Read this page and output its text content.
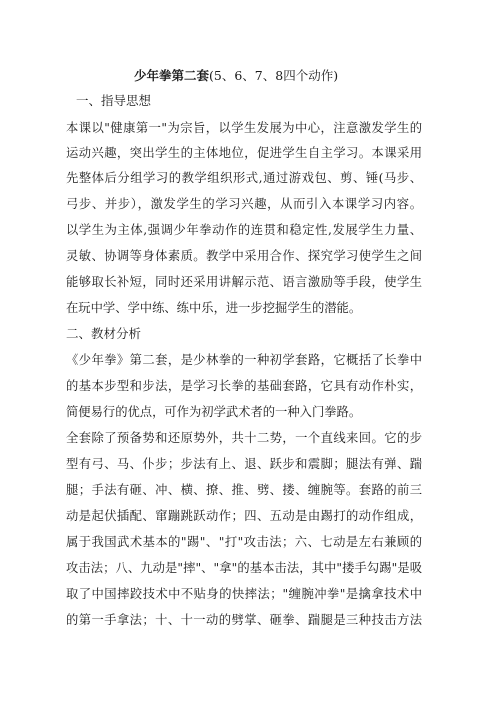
少年拳第二套(5、6、7、8四个动作)
一、指导思想
本课以"健康第一"为宗旨，以学生发展为中心，注意激发学生的
运动兴趣，突出学生的主体地位，促进学生自主学习。本课采用
先整体后分组学习的教学组织形式,通过游戏包、剪、锤(马步、
弓步、并步），激发学生的学习兴趣，从而引入本课学习内容。
以学生为主体,强调少年拳动作的连贯和稳定性,发展学生力量、
灵敏、协调等身体素质。教学中采用合作、探究学习使学生之间
能够取长补短，同时还采用讲解示范、语言激励等手段，使学生
在玩中学、学中练、练中乐，进一步挖掘学生的潜能。
二、教材分析
《少年拳》第二套，是少林拳的一种初学套路，它概括了长拳中
的基本步型和步法，是学习长拳的基础套路，它具有动作朴实，
简便易行的优点，可作为初学武术者的一种入门拳路。
全套除了预备势和还原势外，共十二势，一个直线来回。它的步
型有弓、马、仆步；步法有上、退、跃步和震脚；腿法有弹、踹
腿；手法有砸、冲、横、撩、推、劈、搂、缠腕等。套路的前三
动是起伏插配、窜蹦跳跃动作；四、五动是由踢打的动作组成，
属于我国武术基本的"踢"、"打"攻击法；六、七动是左右兼顾的
攻击法；八、九动是"摔"、"拿"的基本击法，其中"搂手勾踢"是吸
取了中国摔跤技术中不贴身的快摔法；"缠腕冲拳"是擒拿技术中
的第一手拿法；十、十一动的劈掌、砸拳、踹腿是三种技击方法
